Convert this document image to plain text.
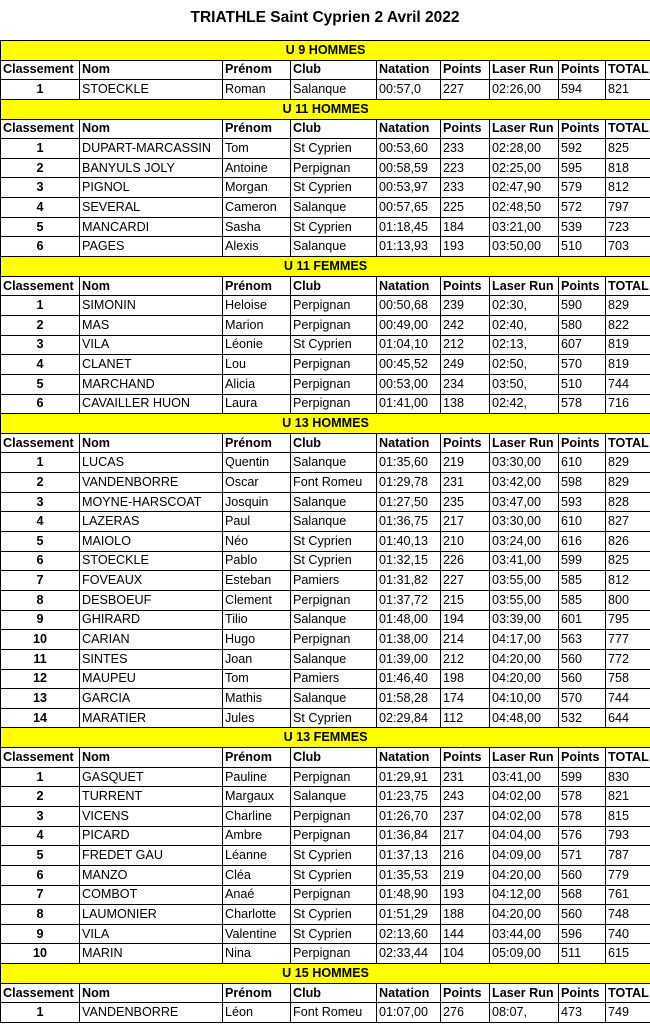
TRIATHLE Saint Cyprien 2 Avril 2022
U 9 HOMMES								
Classement	Nom	Prénom	Club	Natation	Points	Laser Run	Points	TOTAL
1	STOECKLE	Roman	Salanque	00:57,0	227	02:26,00	594	821
U 11 HOMMES								
Classement	Nom	Prénom	Club	Natation	Points	Laser Run	Points	TOTAL
1	DUPART-MARCASSIN	Tom	St Cyprien	00:53,60	233	02:28,00	592	825
2	BANYULS JOLY	Antoine	Perpignan	00:58,59	223	02:25,00	595	818
3	PIGNOL	Morgan	St Cyprien	00:53,97	233	02:47,90	579	812
4	SEVERAL	Cameron	Salanque	00:57,65	225	02:48,50	572	797
5	MANCARDI	Sasha	St Cyprien	01:18,45	184	03:21,00	539	723
6	PAGES	Alexis	Salanque	01:13,93	193	03:50,00	510	703
U 11 FEMMES								
Classement	Nom	Prénom	Club	Natation	Points	Laser Run	Points	TOTAL
1	SIMONIN	Heloise	Perpignan	00:50,68	239	02:30,	590	829
2	MAS	Marion	Perpignan	00:49,00	242	02:40,	580	822
3	VILA	Léonie	St Cyprien	01:04,10	212	02:13,	607	819
4	CLANET	Lou	Perpignan	00:45,52	249	02:50,	570	819
5	MARCHAND	Alicia	Perpignan	00:53,00	234	03:50,	510	744
6	CAVAILLER HUON	Laura	Perpignan	01:41,00	138	02:42,	578	716
U 13 HOMMES								
Classement	Nom	Prénom	Club	Natation	Points	Laser Run	Points	TOTAL
1	LUCAS	Quentin	Salanque	01:35,60	219	03:30,00	610	829
2	VANDENBORRE	Oscar	Font Romeu	01:29,78	231	03:42,00	598	829
3	MOYNE-HARSCOAT	Josquin	Salanque	01:27,50	235	03:47,00	593	828
4	LAZERAS	Paul	Salanque	01:36,75	217	03:30,00	610	827
5	MAIOLO	Néo	St Cyprien	01:40,13	210	03:24,00	616	826
6	STOECKLE	Pablo	St Cyprien	01:32,15	226	03:41,00	599	825
7	FOVEAUX	Esteban	Pamiers	01:31,82	227	03:55,00	585	812
8	DESBOEUF	Clement	Perpignan	01:37,72	215	03:55,00	585	800
9	GHIRARD	Tilio	Salanque	01:48,00	194	03:39,00	601	795
10	CARIAN	Hugo	Perpignan	01:38,00	214	04:17,00	563	777
11	SINTES	Joan	Salanque	01:39,00	212	04:20,00	560	772
12	MAUPEU	Tom	Pamiers	01:46,40	198	04:20,00	560	758
13	GARCIA	Mathis	Salanque	01:58,28	174	04:10,00	570	744
14	MARATIER	Jules	St Cyprien	02:29,84	112	04:48,00	532	644
U 13 FEMMES								
Classement	Nom	Prénom	Club	Natation	Points	Laser Run	Points	TOTAL
1	GASQUET	Pauline	Perpignan	01:29,91	231	03:41,00	599	830
2	TURRENT	Margaux	Salanque	01:23,75	243	04:02,00	578	821
3	VICENS	Charline	Perpignan	01:26,70	237	04:02,00	578	815
4	PICARD	Ambre	Perpignan	01:36,84	217	04:04,00	576	793
5	FREDET GAU	Léanne	St Cyprien	01:37,13	216	04:09,00	571	787
6	MANZO	Cléa	St Cyprien	01:35,53	219	04:20,00	560	779
7	COMBOT	Anaé	Perpignan	01:48,90	193	04:12,00	568	761
8	LAUMONIER	Charlotte	St Cyprien	01:51,29	188	04:20,00	560	748
9	VILA	Valentine	St Cyprien	02:13,60	144	03:44,00	596	740
10	MARIN	Nina	Perpignan	02:33,44	104	05:09,00	511	615
U 15 HOMMES								
Classement	Nom	Prénom	Club	Natation	Points	Laser Run	Points	TOTAL
1	VANDENBORRE	Léon	Font Romeu	01:07,00	276	08:07,	473	749
